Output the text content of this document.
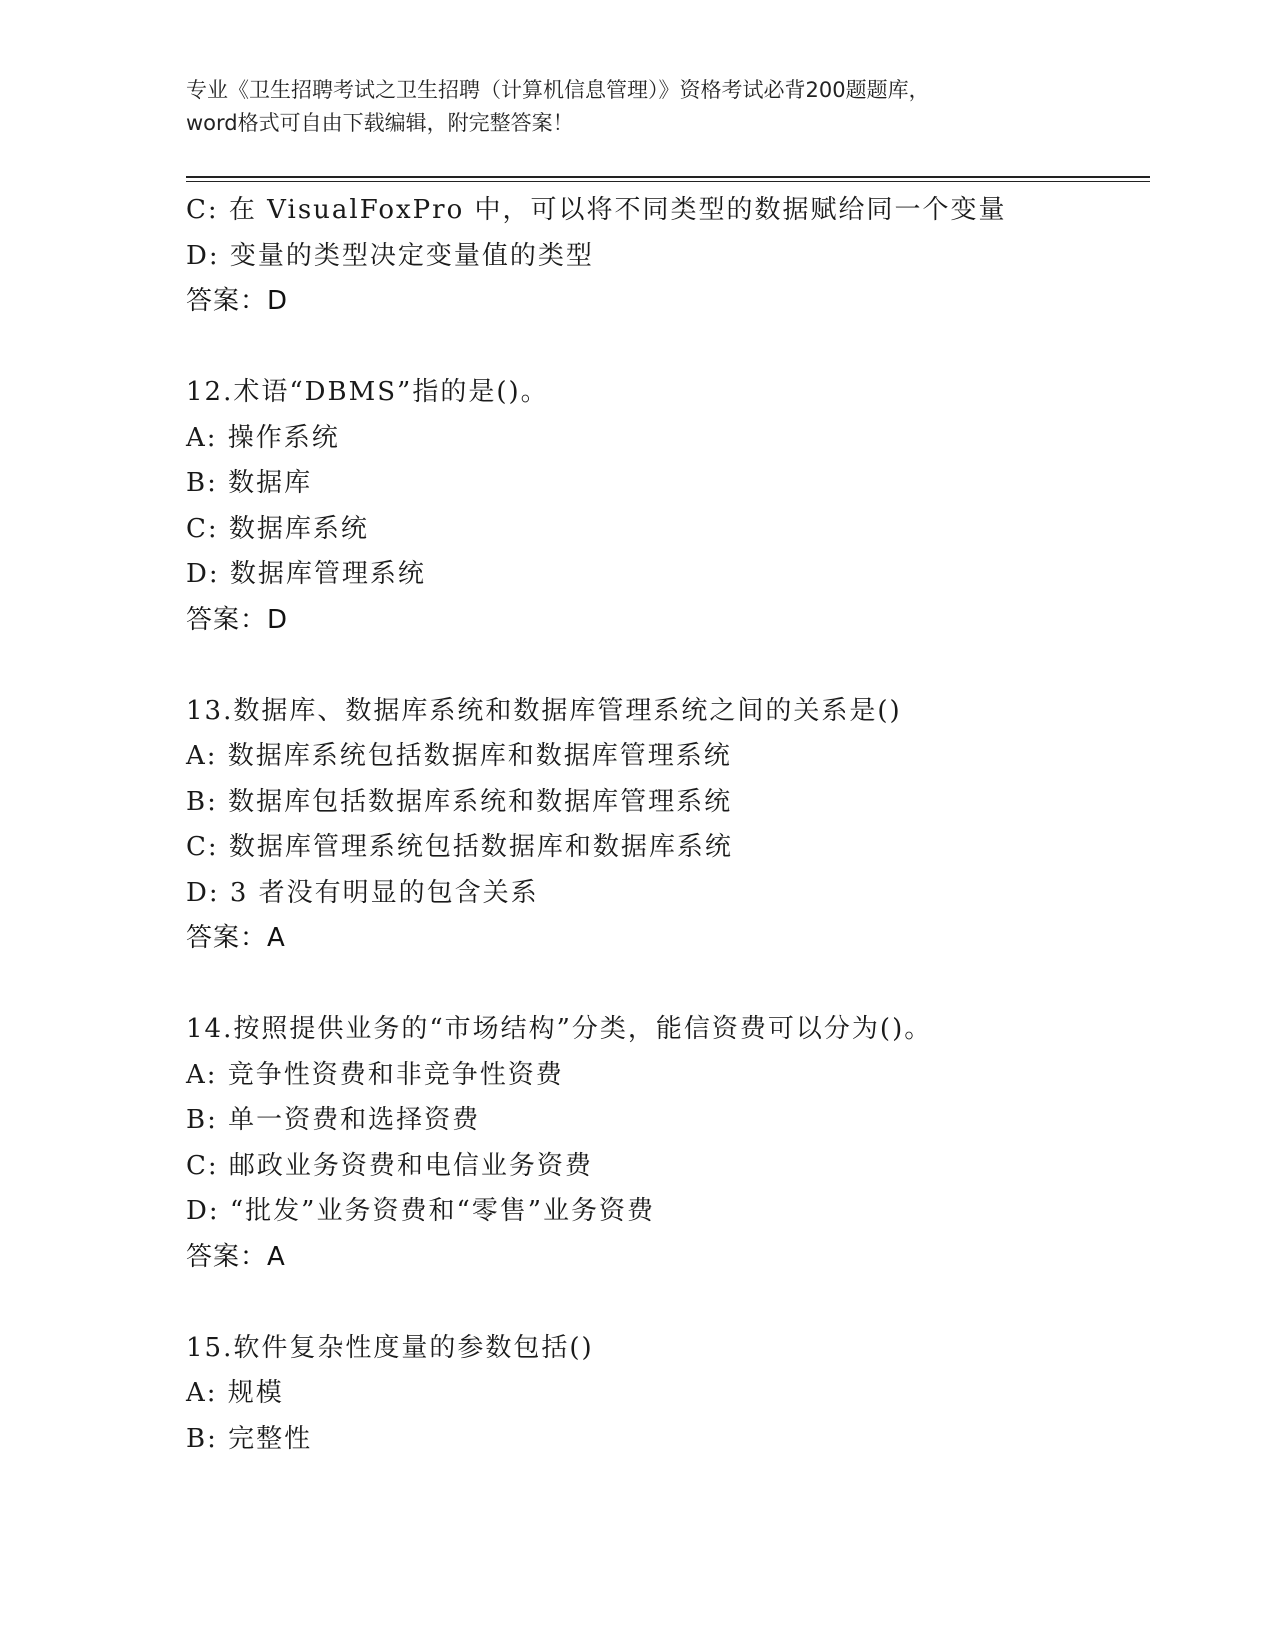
专业《卫生招聘考试之卫生招聘（计算机信息管理）》资格考试必背200题题库，
word格式可自由下载编辑，附完整答案！
C: 在 VisualFoxPro 中，可以将不同类型的数据赋给同一个变量
D: 变量的类型决定变量值的类型
答案：D
12.术语“DBMS”指的是()。
A: 操作系统
B: 数据库
C: 数据库系统
D: 数据库管理系统
答案：D
13.数据库、数据库系统和数据库管理系统之间的关系是()
A: 数据库系统包括数据库和数据库管理系统
B: 数据库包括数据库系统和数据库管理系统
C: 数据库管理系统包括数据库和数据库系统
D: 3 者没有明显的包含关系
答案：A
14.按照提供业务的“市场结构”分类，能信资费可以分为()。
A: 竞争性资费和非竞争性资费
B: 单一资费和选择资费
C: 邮政业务资费和电信业务资费
D: “批发”业务资费和“零售”业务资费
答案：A
15.软件复杂性度量的参数包括()
A: 规模
B: 完整性
